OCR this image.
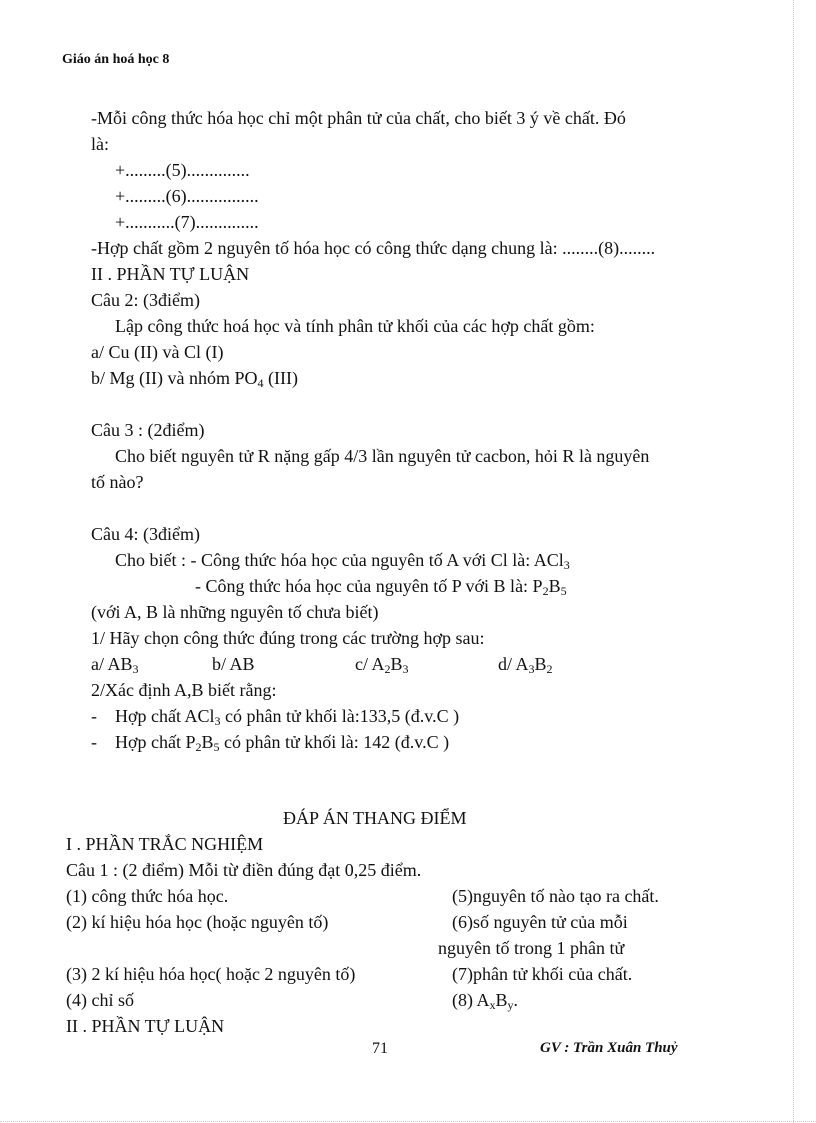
Giáo án hoá học 8
-Mỗi công thức hóa học chỉ một phân tử của chất, cho biết 3 ý về chất. Đó
là:
+.........(5)..............
+.........(6)................
+...........(7)..............
-Hợp chất gồm 2 nguyên tố hóa học có công thức dạng chung là: ........(8)........
II . PHẦN TỰ LUẬN
Câu 2: (3điểm)
Lập công thức hoá học và tính phân tử khối của các hợp chất gồm:
a/ Cu (II) và Cl (I)
b/ Mg (II) và nhóm $PO_4$ (III)
Câu 3 : (2điểm)
Cho biết nguyên tử R nặng gấp 4/3 lần nguyên tử cacbon, hỏi R là nguyên
tố nào?
Câu 4: (3điểm)
Cho biết : - Công thức hóa học của nguyên tố A với Cl là: ACl$_3$
- Công thức hóa học của nguyên tố P với B là: $P_2B_5$
(với A, B là những nguyên tố chưa biết)
1/ Hãy chọn công thức đúng trong các trường hợp sau:
a/ $AB_3$	b/ AB	c/ $A_2B_3$	d/ $A_3B_2$
2/Xác định A,B biết rằng:
- Hợp chất ACl$_3$ có phân tử khối là:133,5 (đ.v.C )
- Hợp chất $P_2B_5$ có phân tử khối là: 142 (đ.v.C )
ĐÁP ÁN THANG ĐIỂM
I . PHẦN TRẮC NGHIỆM
Câu 1 : (2 điểm) Mỗi từ điền đúng đạt 0,25 điểm.
(1) công thức hóa học.	(5)nguyên tố nào tạo ra chất.
(2) kí hiệu hóa học (hoặc nguyên tố)	(6)số nguyên tử của mỗi
nguyên tố trong 1 phân tử
(3) 2 kí hiệu hóa học( hoặc 2 nguyên tố)	(7)phân tử khối của chất.
(4) chỉ số	(8) $A_xB_y$.
II . PHẦN TỰ LUẬN
71	GV : Trần Xuân Thuỷ
